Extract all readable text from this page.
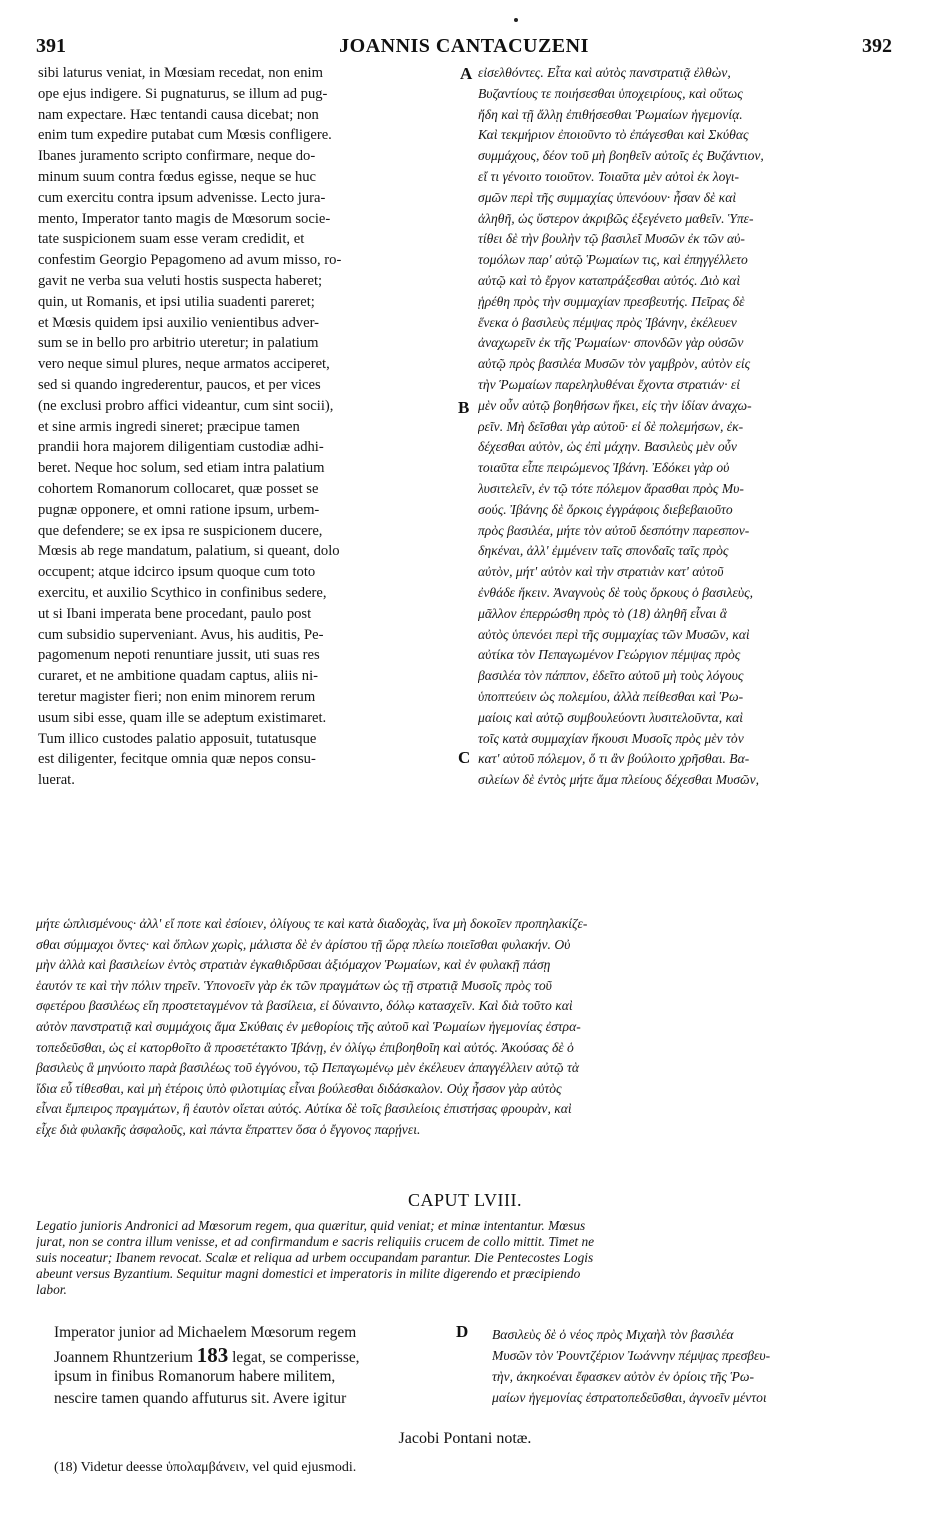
391	JOANNIS CANTACUZENI	392
sibi laturus veniat, in Mœsiam recedat, non enim
ope ejus indigere. Si pugnaturus, se illum ad pug-
nam expectare. Hæc tentandi causa dicebat; non
enim tum expedire putabat cum Mœsis confligere.
Ibanes juramento scripto confirmare, neque do-
minum suum contra fœdus egisse, neque se huc
cum exercitu contra ipsum advenisse. Lecto jura-
mento, Imperator tanto magis de Mœsorum socie-
tate suspicionem suam esse veram credidit, et
confestim Georgio Pepagomeno ad avum misso, ro-
gavit ne verba sua veluti hostis suspecta haberet;
quin, ut Romanis, et ipsi utilia suadenti pareret;
et Mœsis quidem ipsi auxilio venientibus adver-
sum se in bello pro arbitrio uteretur; in palatium
vero neque simul plures, neque armatos acciperet,
sed si quando ingrederentur, paucos, et per vices
(ne exclusi probro affici videantur, cum sint socii),
et sine armis ingredi sineret; præcipue tamen
prandii hora majorem diligentiam custodiæ adhi-
beret. Neque hoc solum, sed etiam intra palatium
cohortem Romanorum collocaret, quæ posset se
pugnæ opponere, et omni ratione ipsum, urbem-
que defendere; se ex ipsa re suspicionem ducere,
Mœsis ab rege mandatum, palatium, si queant, dolo
occupent; atque idcirco ipsum quoque cum toto
exercitu, et auxilio Scythico in confinibus sedere,
ut si Ibani imperata bene procedant, paulo post
cum subsidio superveniant. Avus, his auditis, Pe-
pagomenum nepoti renuntiare jussit, uti suas res
curaret, et ne ambitione quadam captus, aliis ni-
teretur magister fieri; non enim minorem rerum
usum sibi esse, quam ille se adeptum existimaret.
Tum illico custodes palatio apposuit, tutatusque
est diligenter, fecitque omnia quæ nepos consu-
luerat.
εἰσελθόντες. Εἶτα καὶ αὐτὸς πανστρατιᾷ ἐλθὼν,
Βυζαντίους τε ποιήσεσθαι ὑποχειρίους, καὶ οὕτως
ἤδη καὶ τῇ ἄλλῃ ἐπιθήσεσθαι Ῥωμαίων ἡγεμονίᾳ.
Καὶ τεκμήριον ἐποιοῦντο τὸ ἐπάγεσθαι καὶ Σκύθας
συμμάχους, δέον τοῦ μὴ βοηθεῖν αὐτοῖς ἐς Βυζάντιον,
εἴ τι γένοιτο τοιοῦτον. Τοιαῦτα μὲν αὐτοὶ ἐκ λογι-
σμῶν περὶ τῆς συμμαχίας ὑπενόουν· ἦσαν δὲ καὶ
ἀληθῆ, ὡς ὕστερον ἀκριβῶς ἐξεγένετο μαθεῖν. Ὑπε-
τίθει δὲ τὴν βουλὴν τῷ βασιλεῖ Μυσῶν ἐκ τῶν αὐ-
τομόλων παρ' αὐτῷ Ῥωμαίων τις, καὶ ἐπηγγέλλετο
αὐτῷ καὶ τὸ ἔργον καταπράξεσθαι αὐτός. Διὸ καὶ
ᾑρέθη πρὸς τὴν συμμαχίαν πρεσβευτής. Πεῖρας δὲ
ἕνεκα ὁ βασιλεὺς πέμψας πρὸς Ἰβάνην, ἐκέλευεν
ἀναχωρεῖν ἐκ τῆς Ῥωμαίων· σπονδῶν γὰρ οὐσῶν
αὐτῷ πρὸς βασιλέα Μυσῶν τὸν γαμβρὸν, αὐτὸν εἰς
τὴν Ῥωμαίων παρεληλυθέναι ἔχοντα στρατιάν· εἰ
μὲν οὖν αὐτῷ βοηθήσων ἥκει, εἰς τὴν ἰδίαν ἀναχω-
ρεῖν. Μὴ δεῖσθαι γὰρ αὐτοῦ· εἰ δὲ πολεμήσων, ἐκ-
δέχεσθαι αὐτὸν, ὡς ἐπὶ μάχην. Βασιλεὺς μὲν οὖν
τοιαῦτα εἶπε πειρώμενος Ἰβάνη. Ἐδόκει γὰρ οὐ
λυσιτελεῖν, ἐν τῷ τότε πόλεμον ἄρασθαι πρὸς Μυ-
σούς. Ἰβάνης δὲ ὅρκοις ἐγγράφοις διεβεβαιοῦτο
πρὸς βασιλέα, μήτε τὸν αὐτοῦ δεσπότην παρεσπον-
δηκέναι, ἀλλ' ἐμμένειν ταῖς σπονδαῖς ταῖς πρὸς
αὐτὸν, μήτ' αὐτὸν καὶ τὴν στρατιὰν κατ' αὐτοῦ
ἐνθάδε ἥκειν. Ἀναγνοὺς δὲ τοὺς ὅρκους ὁ βασιλεὺς,
μᾶλλον ἐπερρώσθη πρὸς τὸ (18) ἀληθῆ εἶναι ἃ
αὐτὸς ὑπενόει περὶ τῆς συμμαχίας τῶν Μυσῶν, καὶ
αὐτίκα τὸν Πεπαγωμένον Γεώργιον πέμψας πρὸς
βασιλέα τὸν πάππον, ἐδεῖτο αὐτοῦ μὴ τοὺς λόγους
ὑποπτεύειν ὡς πολεμίου, ἀλλὰ πείθεσθαι καὶ Ῥω-
μαίοις καὶ αὐτῷ συμβουλεύοντι λυσιτελοῦντα, καὶ
τοῖς κατὰ συμμαχίαν ἥκουσι Μυσοῖς πρὸς μὲν τὸν
κατ' αὐτοῦ πόλεμον, ὅ τι ἂν βούλοιτο χρῆσθαι. Βα-
σιλείων δὲ ἐντὸς μήτε ἅμα πλείους δέχεσθαι Μυσῶν,
A
B
C
D
μήτε ὡπλισμένους· ἀλλ' εἴ ποτε καὶ ἐσίοιεν, ὀλίγους τε καὶ κατὰ διαδοχὰς, ἵνα μὴ δοκοῖεν προπηλακίζε-
σθαι σύμμαχοι ὄντες· καὶ ὅπλων χωρὶς, μάλιστα δὲ ἐν ἀρίστου τῇ ὥρᾳ πλείω ποιεῖσθαι φυλακήν. Οὐ
μὴν ἀλλὰ καὶ βασιλείων ἐντὸς στρατιὰν ἐγκαθιδρῦσαι ἀξιόμαχον Ῥωμαίων, καὶ ἐν φυλακῇ πάσῃ
ἑαυτόν τε καὶ τὴν πόλιν τηρεῖν. Ὑπονοεῖν γὰρ ἐκ τῶν πραγμάτων ὡς τῇ στρατιᾷ Μυσοῖς πρὸς τοῦ
σφετέρου βασιλέως εἴη προστεταγμένον τὰ βασίλεια, εἰ δύναιντο, δόλῳ κατασχεῖν. Καὶ διὰ τοῦτο καὶ
αὐτὸν πανστρατιᾷ καὶ συμμάχοις ἅμα Σκύθαις ἐν μεθορίοις τῆς αὐτοῦ καὶ Ῥωμαίων ἡγεμονίας ἐστρα-
τοπεδεῦσθαι, ὡς εἰ κατορθοῖτο ἃ προσετέτακτο Ἰβάνῃ, ἐν ὀλίγῳ ἐπιβοηθοῖη καὶ αὐτός. Ἀκούσας δὲ ὁ
βασιλεὺς ἃ μηνύοιτο παρὰ βασιλέως τοῦ ἐγγόνου, τῷ Πεπαγωμένῳ μὲν ἐκέλευεν ἀπαγγέλλειν αὐτῷ τὰ
ἴδια εὖ τίθεσθαι, καὶ μὴ ἑτέροις ὑπὸ φιλοτιμίας εἶναι βούλεσθαι διδάσκαλον. Οὐχ ἧσσον γὰρ αὐτὸς
εἶναι ἔμπειρος πραγμάτων, ἢ ἑαυτὸν οἴεται αὐτός. Αὐτίκα δὲ τοῖς βασιλείοις ἐπιστήσας φρουρὰν, καὶ
εἶχε διὰ φυλακῆς ἀσφαλοῦς, καὶ πάντα ἔπραττεν ὅσα ὁ ἔγγονος παρῄνει.
CAPUT LVIII.
Legatio junioris Andronici ad Mœsorum regem, qua quæritur, quid veniat; et minæ intentantur. Mœsus
jurat, non se contra illum venisse, et ad confirmandum e sacris reliquiis crucem de collo mittit. Timet ne
suis noceatur; Ibanem revocat. Scalæ et reliqua ad urbem occupandam parantur. Die Pentecostes Logis
abeunt versus Byzantium. Sequitur magni domestici et imperatoris in milite digerendo et præcipiendo
labor.
Imperator junior ad Michaelem Mœsorum regem
Joannem Rhuntzerium 183 legat, se comperisse,
ipsum in finibus Romanorum habere militem,
nescire tamen quando affuturus sit. Avere igitur
Βασιλεὺς δὲ ὁ νέος πρὸς Μιχαὴλ τὸν βασιλέα
Μυσῶν τὸν Ῥουντζέριον Ἰωάννην πέμψας πρεσβευ-
τὴν, ἀκηκοέναι ἔφασκεν αὐτὸν ἐν ὁρίοις τῆς Ῥω-
μαίων ἡγεμονίας ἐστρατοπεδεῦσθαι, ἀγνοεῖν μέντοι
Jacobi Pontani notæ.
(18) Videtur deesse ὑπολαμβάνειν, vel quid ejusmodi.
